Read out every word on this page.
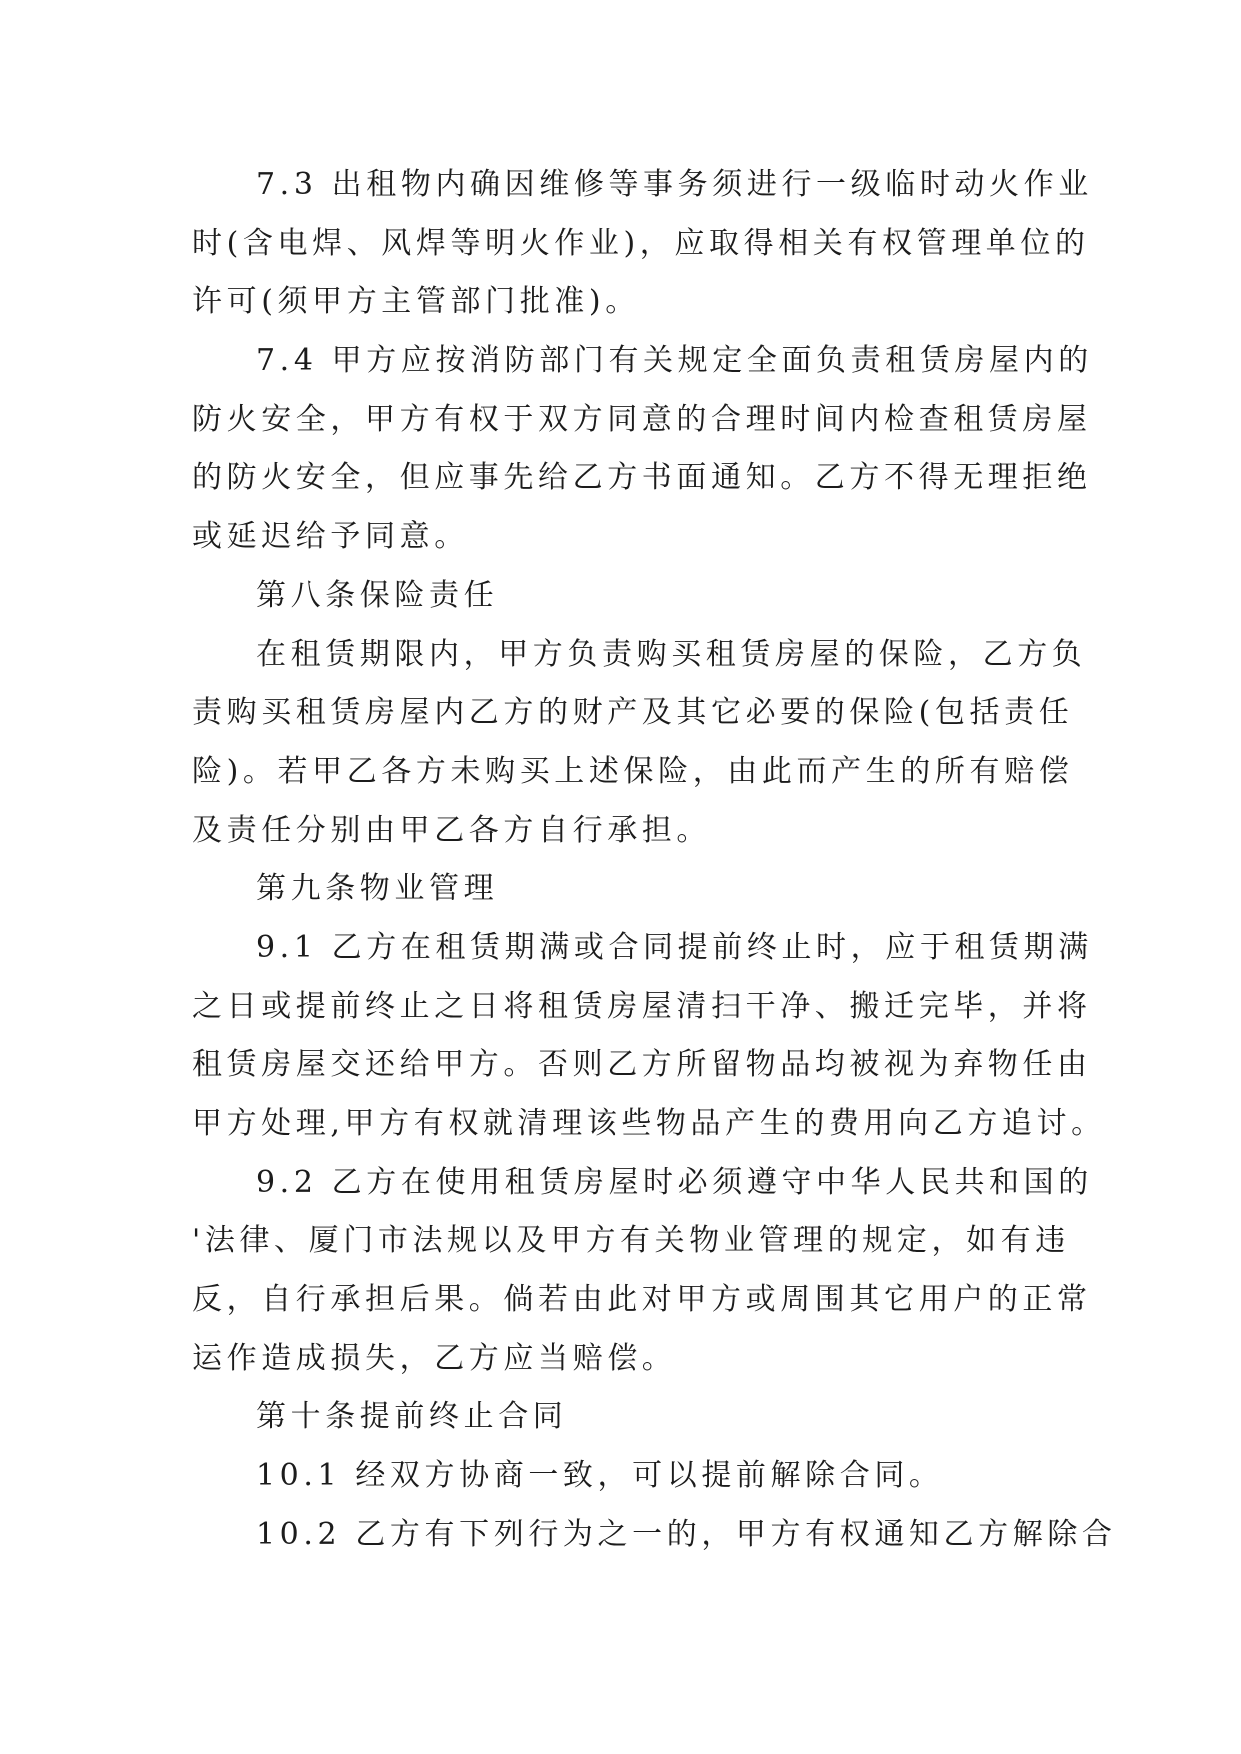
7.3 出租物内确因维修等事务须进行一级临时动火作业
时(含电焊、风焊等明火作业)，应取得相关有权管理单位的
许可(须甲方主管部门批准)。
7.4 甲方应按消防部门有关规定全面负责租赁房屋内的
防火安全，甲方有权于双方同意的合理时间内检查租赁房屋
的防火安全，但应事先给乙方书面通知。乙方不得无理拒绝
或延迟给予同意。
第八条保险责任
在租赁期限内，甲方负责购买租赁房屋的保险，乙方负
责购买租赁房屋内乙方的财产及其它必要的保险(包括责任
险)。若甲乙各方未购买上述保险，由此而产生的所有赔偿
及责任分别由甲乙各方自行承担。
第九条物业管理
9.1 乙方在租赁期满或合同提前终止时，应于租赁期满
之日或提前终止之日将租赁房屋清扫干净、搬迁完毕，并将
租赁房屋交还给甲方。否则乙方所留物品均被视为弃物任由
甲方处理,甲方有权就清理该些物品产生的费用向乙方追讨。
9.2 乙方在使用租赁房屋时必须遵守中华人民共和国的
'法律、厦门市法规以及甲方有关物业管理的规定，如有违
反，自行承担后果。倘若由此对甲方或周围其它用户的正常
运作造成损失，乙方应当赔偿。
第十条提前终止合同
10.1 经双方协商一致，可以提前解除合同。
10.2 乙方有下列行为之一的，甲方有权通知乙方解除合
